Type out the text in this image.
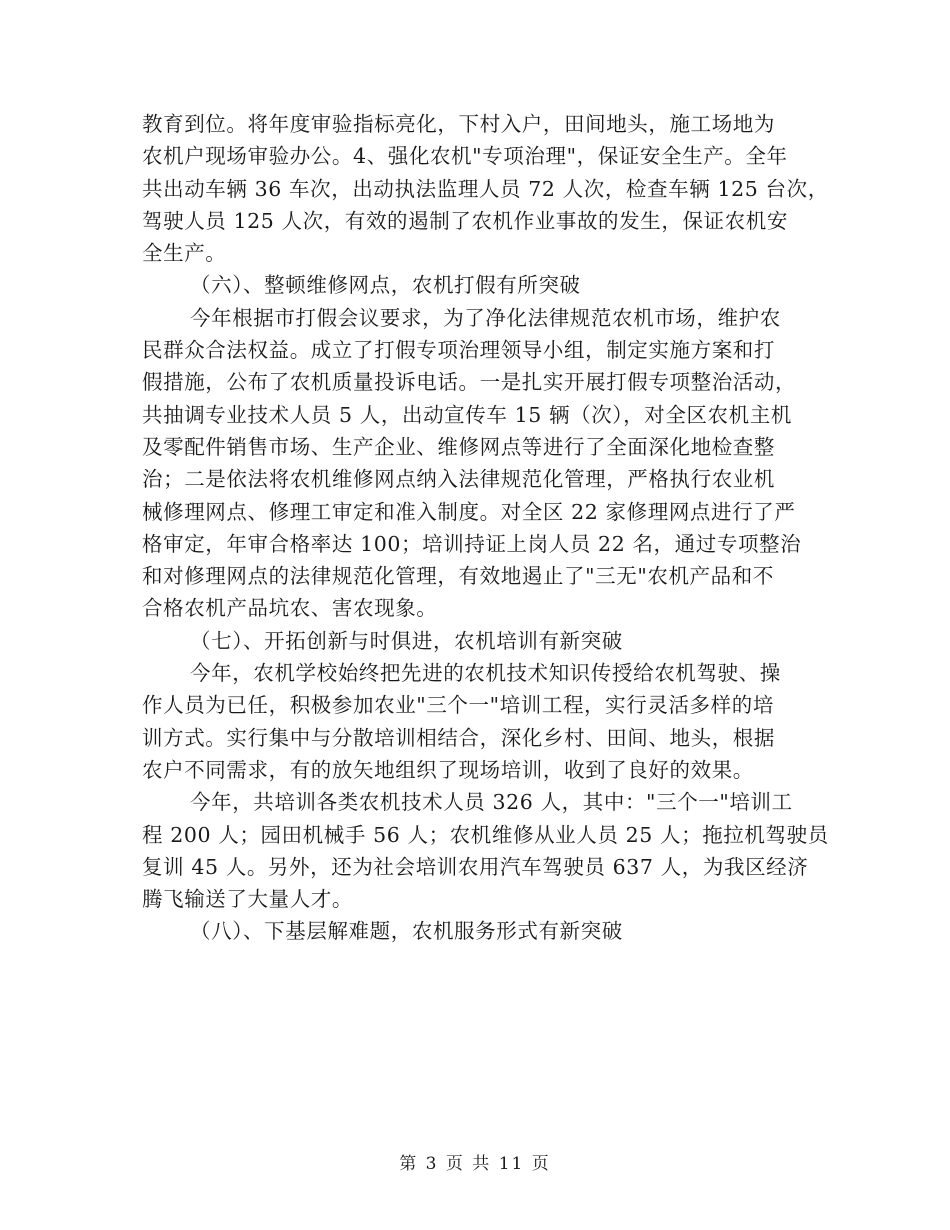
教育到位。将年度审验指标亮化，下村入户，田间地头，施工场地为
农机户现场审验办公。4、强化农机"专项治理"，保证安全生产。全年
共出动车辆 36 车次，出动执法监理人员 72 人次，检查车辆 125 台次，
驾驶人员 125 人次，有效的遏制了农机作业事故的发生，保证农机安
全生产。
（六）、整顿维修网点，农机打假有所突破
今年根据市打假会议要求，为了净化法律规范农机市场，维护农
民群众合法权益。成立了打假专项治理领导小组，制定实施方案和打
假措施，公布了农机质量投诉电话。一是扎实开展打假专项整治活动，
共抽调专业技术人员 5 人，出动宣传车 15 辆（次），对全区农机主机
及零配件销售市场、生产企业、维修网点等进行了全面深化地检查整
治；二是依法将农机维修网点纳入法律规范化管理，严格执行农业机
械修理网点、修理工审定和准入制度。对全区 22 家修理网点进行了严
格审定，年审合格率达 100；培训持证上岗人员 22 名，通过专项整治
和对修理网点的法律规范化管理，有效地遏止了"三无"农机产品和不
合格农机产品坑农、害农现象。
（七）、开拓创新与时俱进，农机培训有新突破
今年，农机学校始终把先进的农机技术知识传授给农机驾驶、操
作人员为已任，积极参加农业"三个一"培训工程，实行灵活多样的培
训方式。实行集中与分散培训相结合，深化乡村、田间、地头，根据
农户不同需求，有的放矢地组织了现场培训，收到了良好的效果。
今年，共培训各类农机技术人员 326 人，其中："三个一"培训工
程 200 人；园田机械手 56 人；农机维修从业人员 25 人；拖拉机驾驶员
复训 45 人。另外，还为社会培训农用汽车驾驶员 637 人，为我区经济
腾飞输送了大量人才。
（八）、下基层解难题，农机服务形式有新突破
第 3 页 共 11 页
